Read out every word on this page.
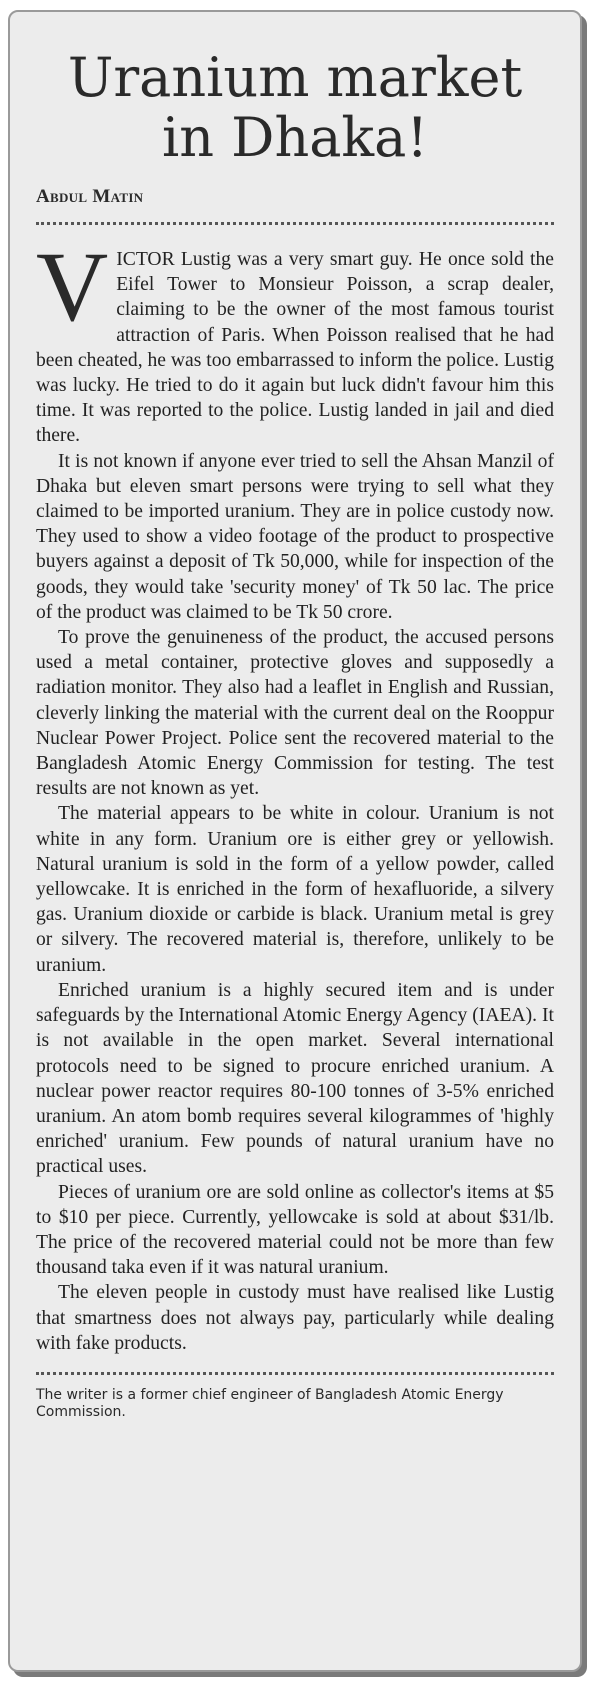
Uranium market in Dhaka!
Abdul Matin

VICTOR Lustig was a very smart guy. He once sold the Eifel Tower to Monsieur Poisson, a scrap dealer, claiming to be the owner of the most famous tourist attraction of Paris. When Poisson realised that he had been cheated, he was too embarrassed to inform the police. Lustig was lucky. He tried to do it again but luck didn't favour him this time. It was reported to the police. Lustig landed in jail and died there.

It is not known if anyone ever tried to sell the Ahsan Manzil of Dhaka but eleven smart persons were trying to sell what they claimed to be imported uranium. They are in police custody now. They used to show a video footage of the product to prospective buyers against a deposit of Tk 50,000, while for inspection of the goods, they would take 'security money' of Tk 50 lac. The price of the product was claimed to be Tk 50 crore.

To prove the genuineness of the product, the accused persons used a metal container, protective gloves and supposedly a radiation monitor. They also had a leaflet in English and Russian, cleverly linking the material with the current deal on the Rooppur Nuclear Power Project. Police sent the recovered material to the Bangladesh Atomic Energy Commission for testing. The test results are not known as yet.

The material appears to be white in colour. Uranium is not white in any form. Uranium ore is either grey or yellowish. Natural uranium is sold in the form of a yellow powder, called yellowcake. It is enriched in the form of hexafluoride, a silvery gas. Uranium dioxide or carbide is black. Uranium metal is grey or silvery. The recovered material is, therefore, unlikely to be uranium.

Enriched uranium is a highly secured item and is under safeguards by the International Atomic Energy Agency (IAEA). It is not available in the open market. Several international protocols need to be signed to procure enriched uranium. A nuclear power reactor requires 80-100 tonnes of 3-5% enriched uranium. An atom bomb requires several kilogrammes of 'highly enriched' uranium. Few pounds of natural uranium have no practical uses.

Pieces of uranium ore are sold online as collector's items at $5 to $10 per piece. Currently, yellowcake is sold at about $31/lb. The price of the recovered material could not be more than few thousand taka even if it was natural uranium.

The eleven people in custody must have realised like Lustig that smartness does not always pay, particularly while dealing with fake products.

The writer is a former chief engineer of Bangladesh Atomic Energy Commission.
